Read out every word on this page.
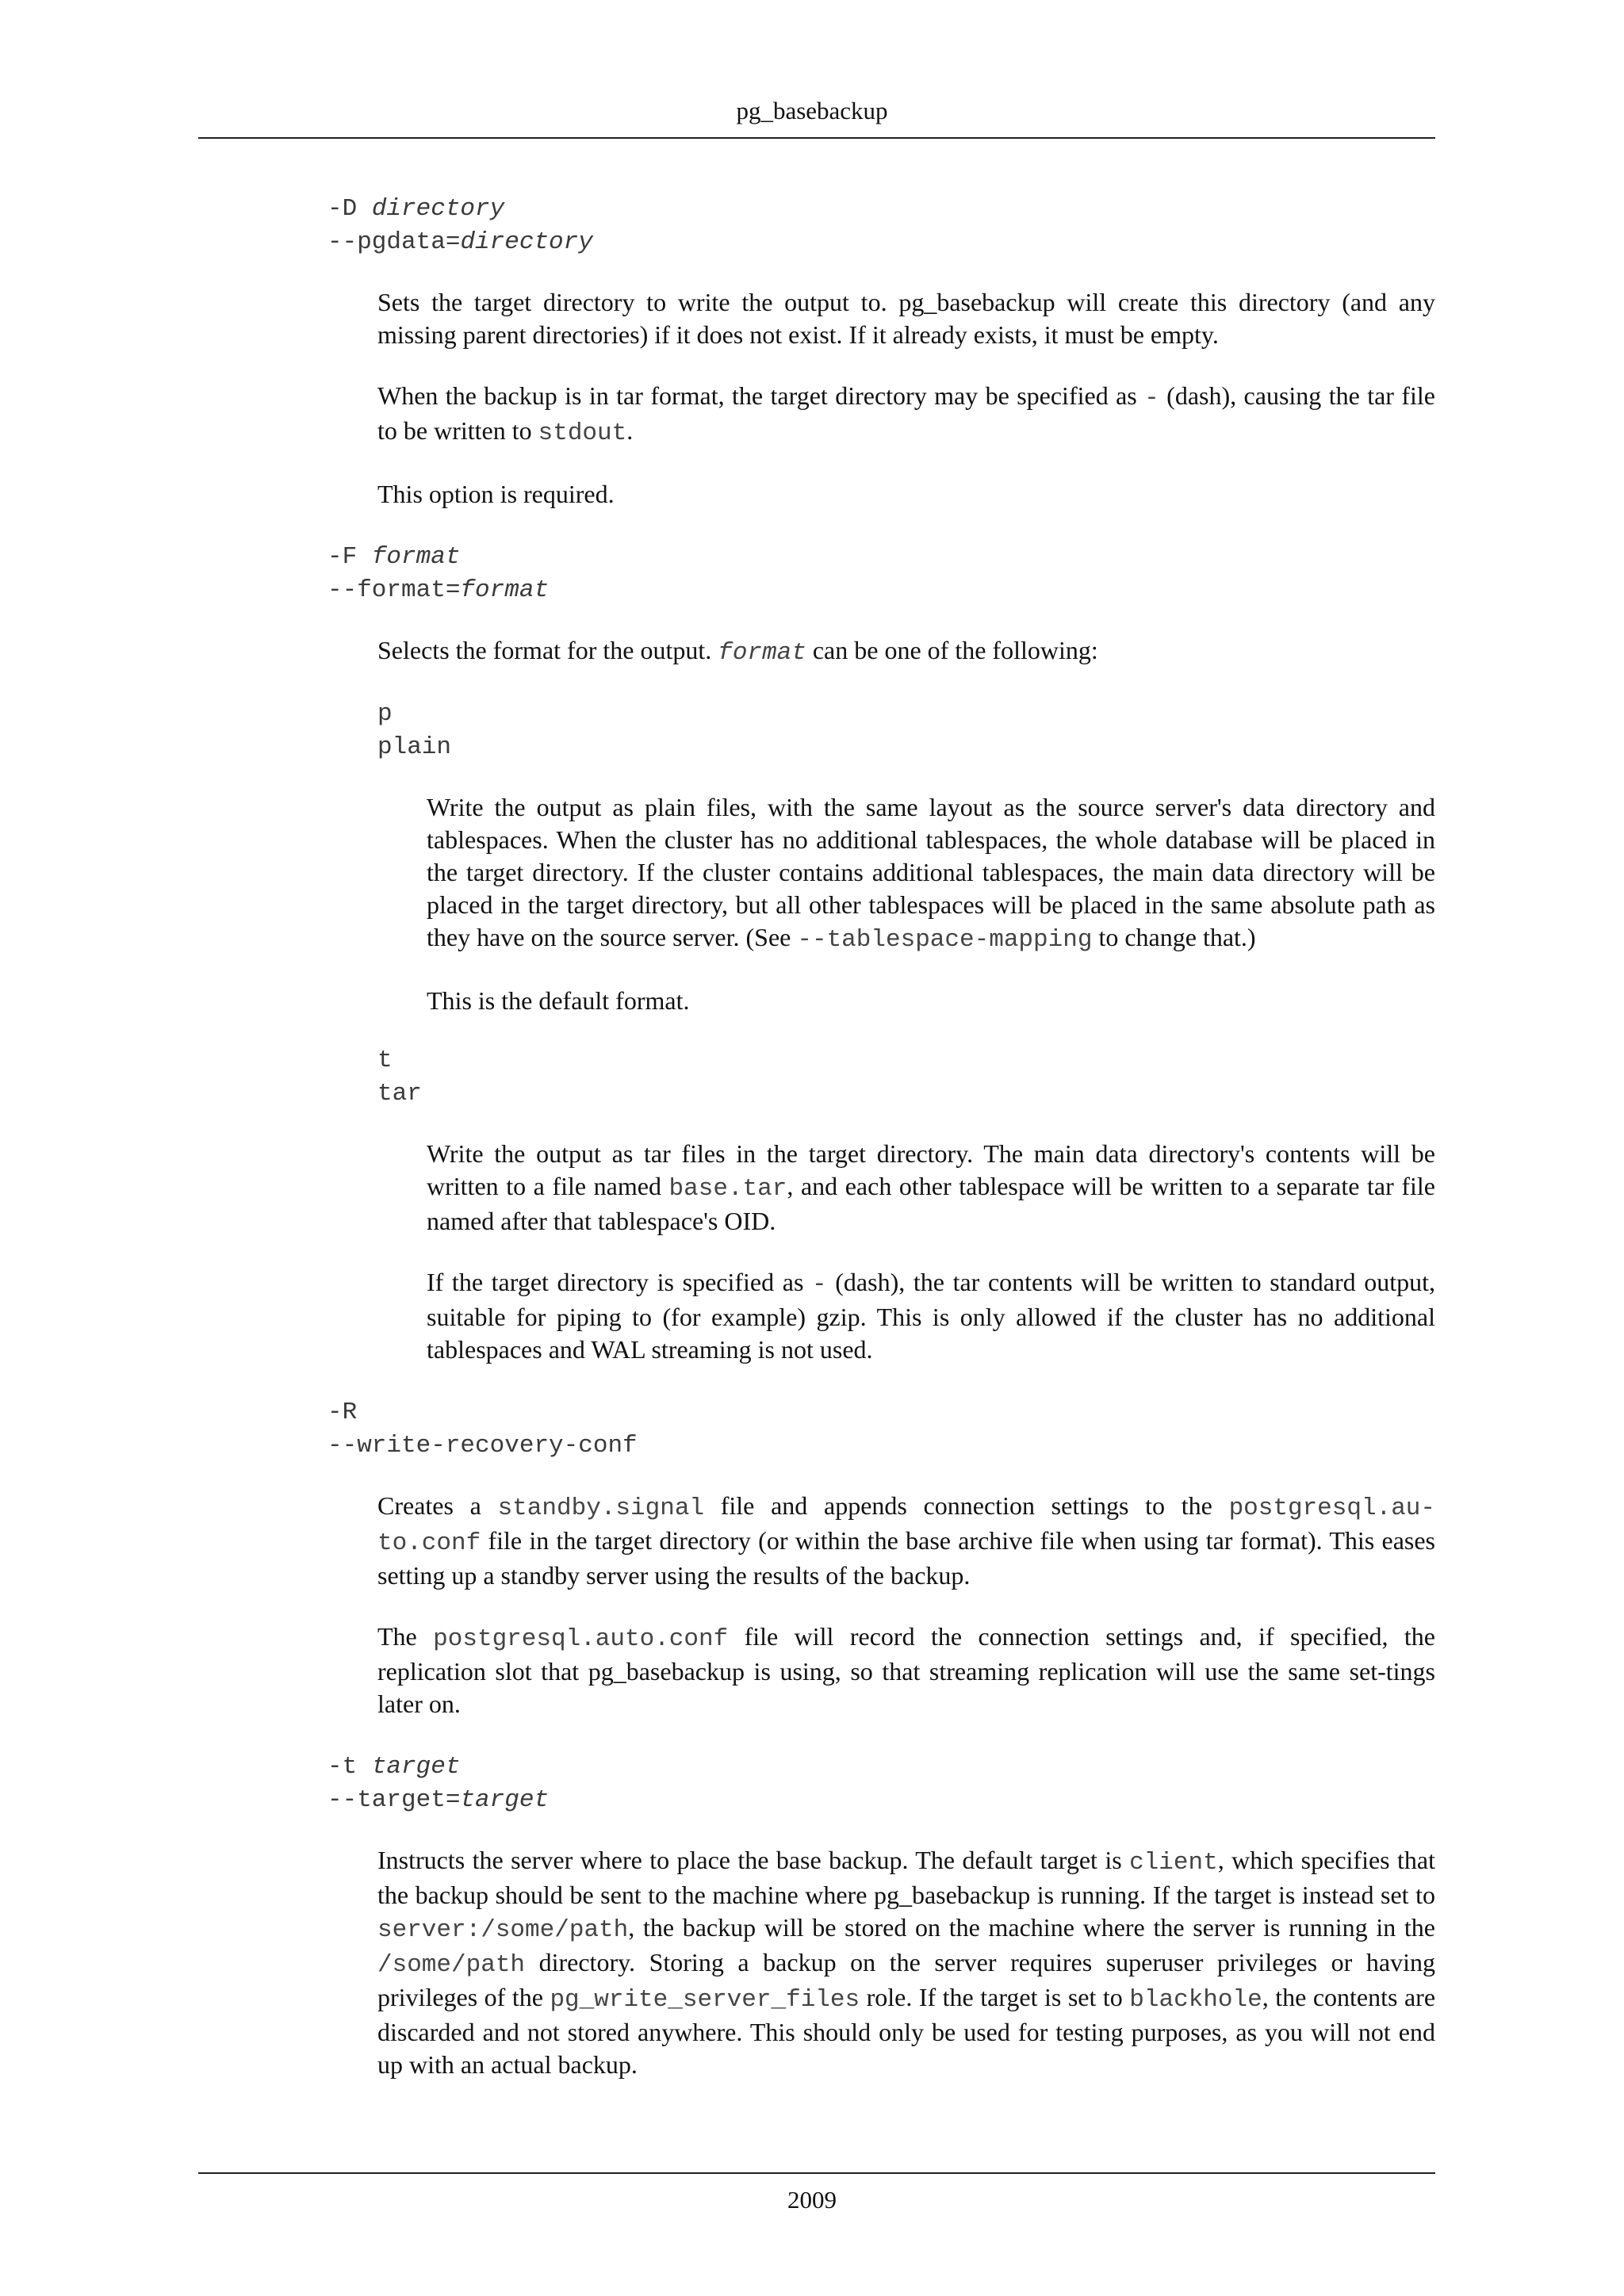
pg_basebackup
-D directory
--pgdata=directory

Sets the target directory to write the output to. pg_basebackup will create this directory (and any missing parent directories) if it does not exist. If it already exists, it must be empty.

When the backup is in tar format, the target directory may be specified as - (dash), causing the tar file to be written to stdout.

This option is required.

-F format
--format=format

Selects the format for the output. format can be one of the following:

p
plain

Write the output as plain files, with the same layout as the source server's data directory and tablespaces. When the cluster has no additional tablespaces, the whole database will be placed in the target directory. If the cluster contains additional tablespaces, the main data directory will be placed in the target directory, but all other tablespaces will be placed in the same absolute path as they have on the source server. (See --tablespace-mapping to change that.)

This is the default format.

t
tar

Write the output as tar files in the target directory. The main data directory's contents will be written to a file named base.tar, and each other tablespace will be written to a separate tar file named after that tablespace's OID.

If the target directory is specified as - (dash), the tar contents will be written to standard output, suitable for piping to (for example) gzip. This is only allowed if the cluster has no additional tablespaces and WAL streaming is not used.

-R
--write-recovery-conf

Creates a standby.signal file and appends connection settings to the postgresql.au-to.conf file in the target directory (or within the base archive file when using tar format). This eases setting up a standby server using the results of the backup.

The postgresql.auto.conf file will record the connection settings and, if specified, the replication slot that pg_basebackup is using, so that streaming replication will use the same set-tings later on.

-t target
--target=target

Instructs the server where to place the base backup. The default target is client, which specifies that the backup should be sent to the machine where pg_basebackup is running. If the target is instead set to server:/some/path, the backup will be stored on the machine where the server is running in the /some/path directory. Storing a backup on the server requires superuser privileges or having privileges of the pg_write_server_files role. If the target is set to blackhole, the contents are discarded and not stored anywhere. This should only be used for testing purposes, as you will not end up with an actual backup.

2009
